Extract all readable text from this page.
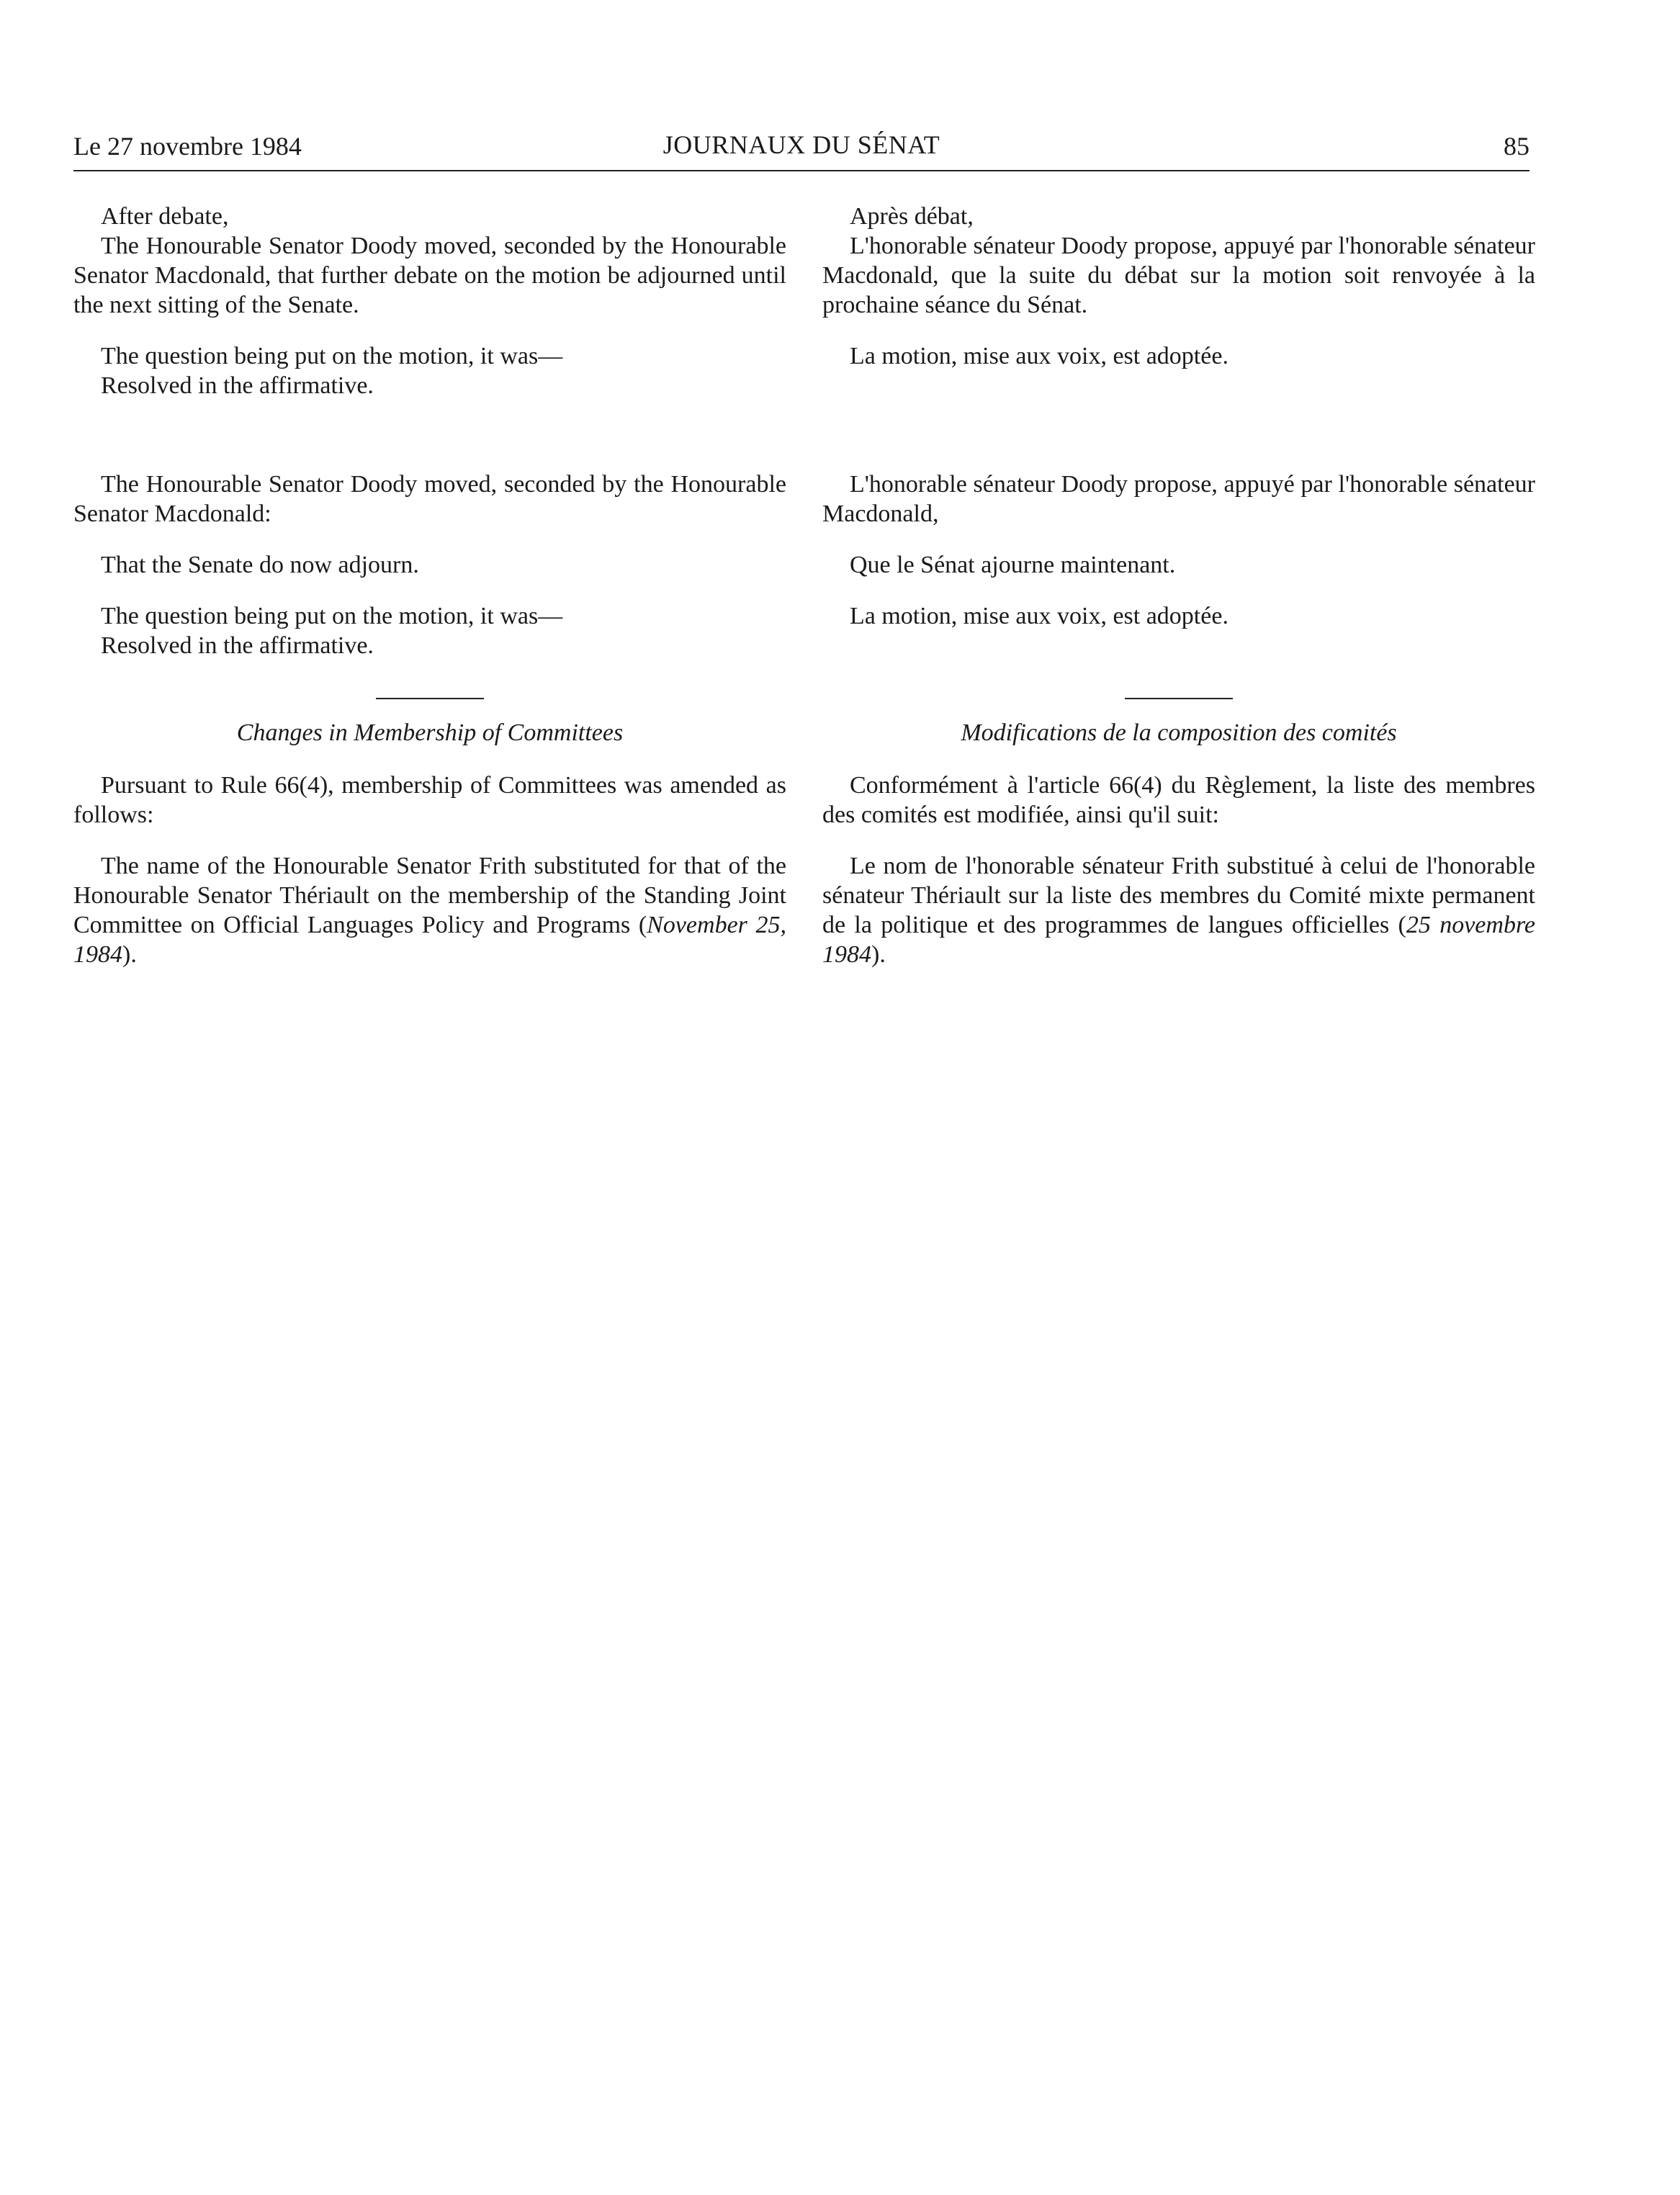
Le 27 novembre 1984	JOURNAUX DU SÉNAT	85
After debate,

The Honourable Senator Doody moved, seconded by the Honourable Senator Macdonald, that further debate on the motion be adjourned until the next sitting of the Senate.

The question being put on the motion, it was—
Resolved in the affirmative.

The Honourable Senator Doody moved, seconded by the Honourable Senator Macdonald:

That the Senate do now adjourn.
The question being put on the motion, it was—
Resolved in the affirmative.

Changes in Membership of Committees

Pursuant to Rule 66(4), membership of Committees was amended as follows:

The name of the Honourable Senator Frith substituted for that of the Honourable Senator Thériault on the membership of the Standing Joint Committee on Official Languages Policy and Programs (November 25, 1984).

Après débat,

L'honorable sénateur Doody propose, appuyé par l'honorable sénateur Macdonald, que la suite du débat sur la motion soit renvoyée à la prochaine séance du Sénat.

La motion, mise aux voix, est adoptée.

L'honorable sénateur Doody propose, appuyé par l'honorable sénateur Macdonald,

Que le Sénat ajourne maintenant.
La motion, mise aux voix, est adoptée.

Modifications de la composition des comités

Conformément à l'article 66(4) du Règlement, la liste des membres des comités est modifiée, ainsi qu'il suit:

Le nom de l'honorable sénateur Frith substitué à celui de l'honorable sénateur Thériault sur la liste des membres du Comité mixte permanent de la politique et des programmes de langues officielles (25 novembre 1984).
